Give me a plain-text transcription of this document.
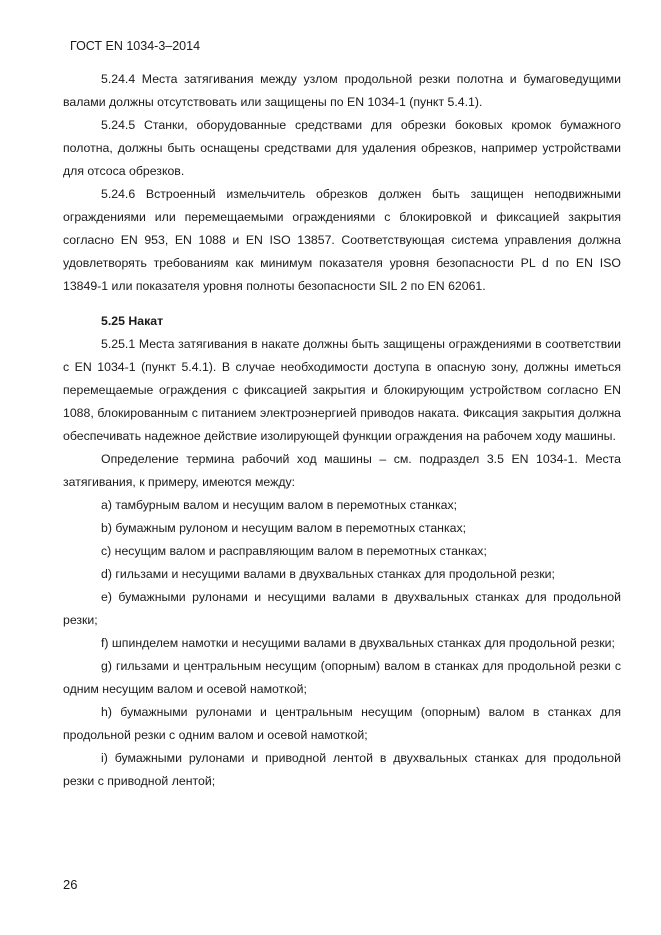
ГОСТ EN 1034-3–2014

5.24.4 Места затягивания между узлом продольной резки полотна и бумаговедущими валами должны отсутствовать или защищены по EN 1034-1 (пункт 5.4.1).

5.24.5 Станки, оборудованные средствами для обрезки боковых кромок бумажного полотна, должны быть оснащены средствами для удаления обрезков, например устройствами для отсоса обрезков.

5.24.6 Встроенный измельчитель обрезков должен быть защищен неподвижными ограждениями или перемещаемыми ограждениями с блокировкой и фиксацией закрытия согласно EN 953, EN 1088 и EN ISO 13857. Соответствующая система управления должна удовлетворять требованиям как минимум показателя уровня безопасности PL d по EN ISO 13849-1 или показателя уровня полноты безопасности SIL 2 по EN 62061.

5.25 Накат

5.25.1 Места затягивания в накате должны быть защищены ограждениями в соответствии с EN 1034-1 (пункт 5.4.1). В случае необходимости доступа в опасную зону, должны иметься перемещаемые ограждения с фиксацией закрытия и блокирующим устройством согласно EN 1088, блокированным с питанием электроэнергией приводов наката. Фиксация закрытия должна обеспечивать надежное действие изолирующей функции ограждения на рабочем ходу машины.

Определение термина рабочий ход машины – см. подраздел 3.5 EN 1034-1. Места затягивания, к примеру, имеются между:

a) тамбурным валом и несущим валом в перемотных станках;

b) бумажным рулоном и несущим валом в перемотных станках;

c) несущим валом и расправляющим валом в перемотных станках;

d) гильзами и несущими валами в двухвальных станках для продольной резки;

e) бумажными рулонами и несущими валами в двухвальных станках для продольной резки;

f) шпинделем намотки и несущими валами в двухвальных станках для продольной резки;

g) гильзами и центральным несущим (опорным) валом в станках для продольной резки с одним несущим валом и осевой намоткой;

h) бумажными рулонами и центральным несущим (опорным) валом в станках для продольной резки с одним валом и осевой намоткой;

i) бумажными рулонами и приводной лентой в двухвальных станках для продольной резки с приводной лентой;

26
